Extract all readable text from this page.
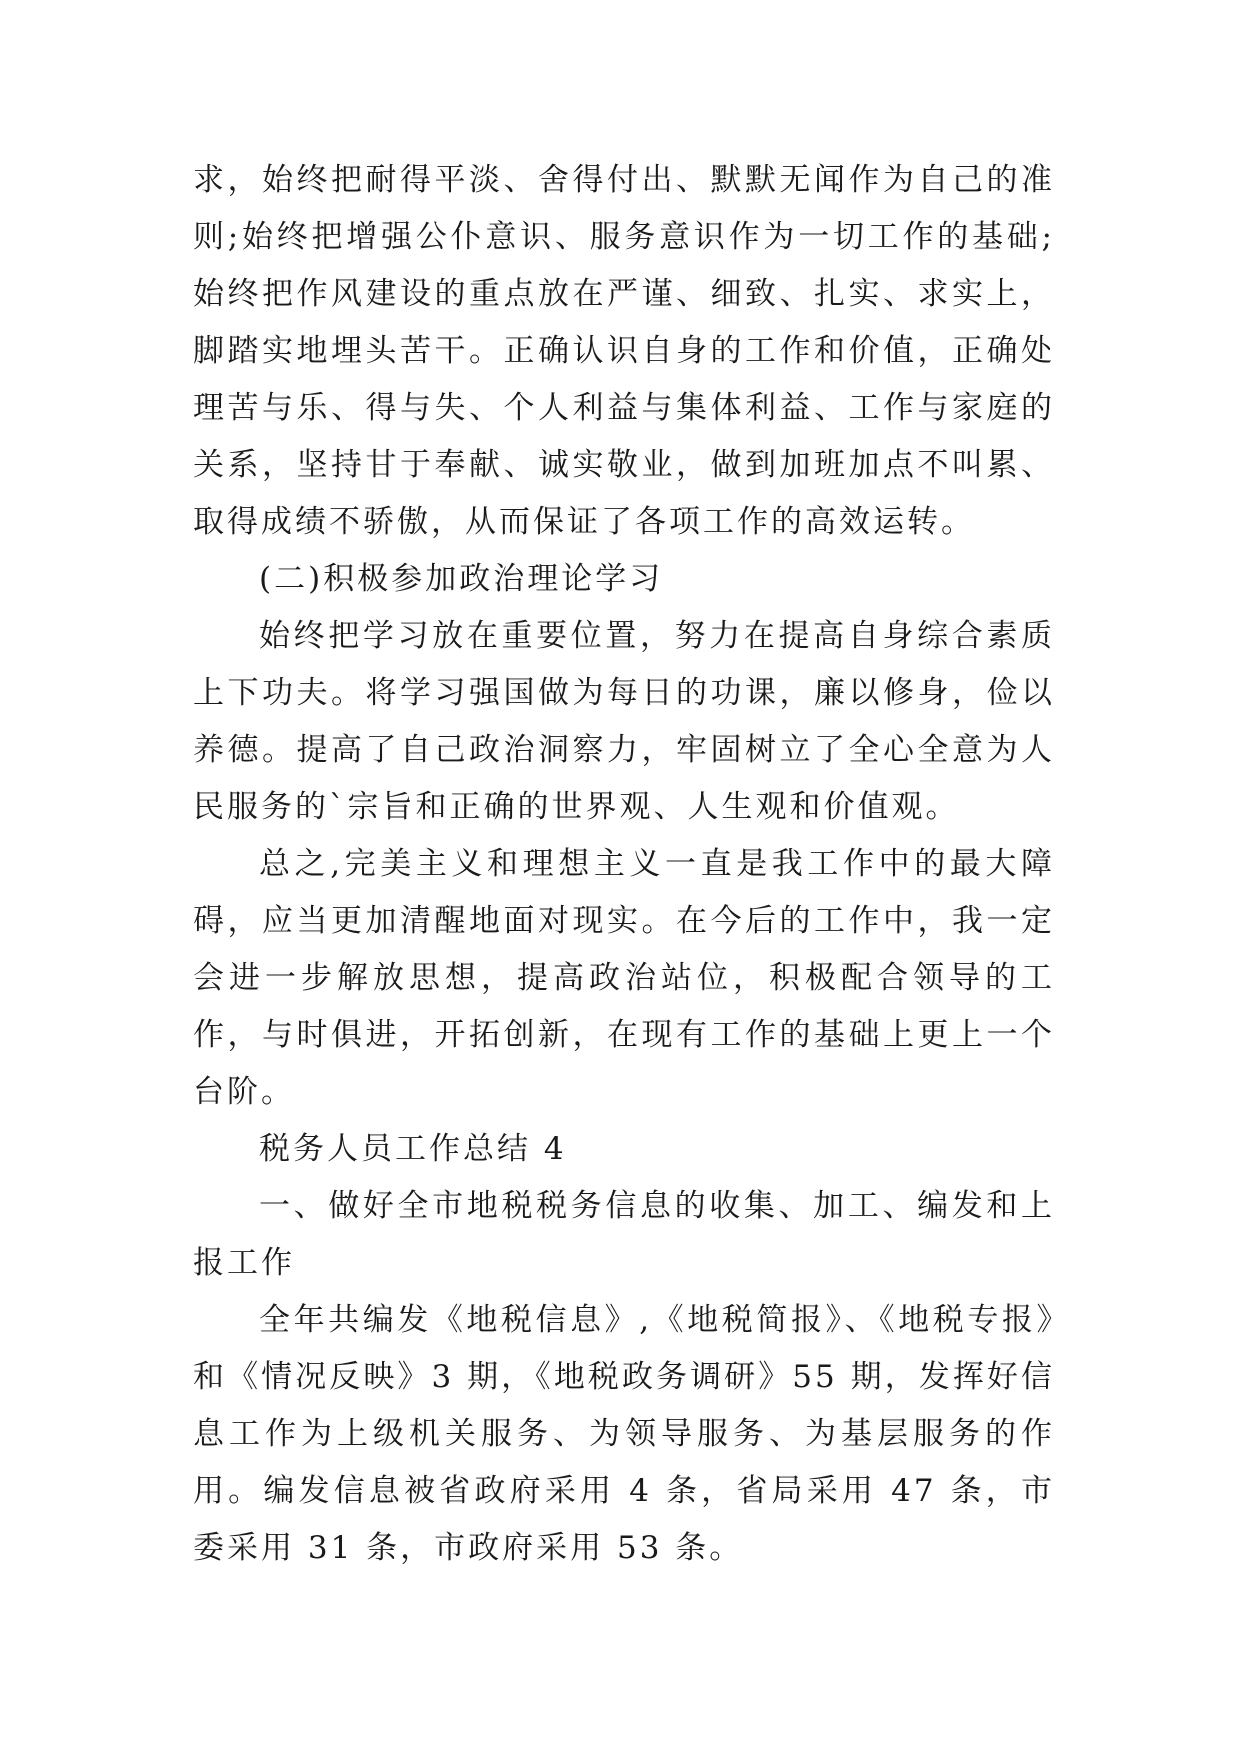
求，始终把耐得平淡、舍得付出、默默无闻作为自己的准则;始终把增强公仆意识、服务意识作为一切工作的基础;始终把作风建设的重点放在严谨、细致、扎实、求实上，脚踏实地埋头苦干。正确认识自身的工作和价值，正确处理苦与乐、得与失、个人利益与集体利益、工作与家庭的关系，坚持甘于奉献、诚实敬业，做到加班加点不叫累、取得成绩不骄傲，从而保证了各项工作的高效运转。

(二)积极参加政治理论学习

始终把学习放在重要位置，努力在提高自身综合素质上下功夫。将学习强国做为每日的功课，廉以修身，俭以养德。提高了自己政治洞察力，牢固树立了全心全意为人民服务的`宗旨和正确的世界观、人生观和价值观。

总之,完美主义和理想主义一直是我工作中的最大障碍，应当更加清醒地面对现实。在今后的工作中，我一定会进一步解放思想，提高政治站位，积极配合领导的工作，与时俱进，开拓创新，在现有工作的基础上更上一个台阶。

税务人员工作总结 4

一、做好全市地税税务信息的收集、加工、编发和上报工作

全年共编发《地税信息》,《地税简报》、《地税专报》和《情况反映》3 期，《地税政务调研》55 期，发挥好信息工作为上级机关服务、为领导服务、为基层服务的作用。编发信息被省政府采用 4 条，省局采用 47 条，市委采用 31 条，市政府采用 53 条。
